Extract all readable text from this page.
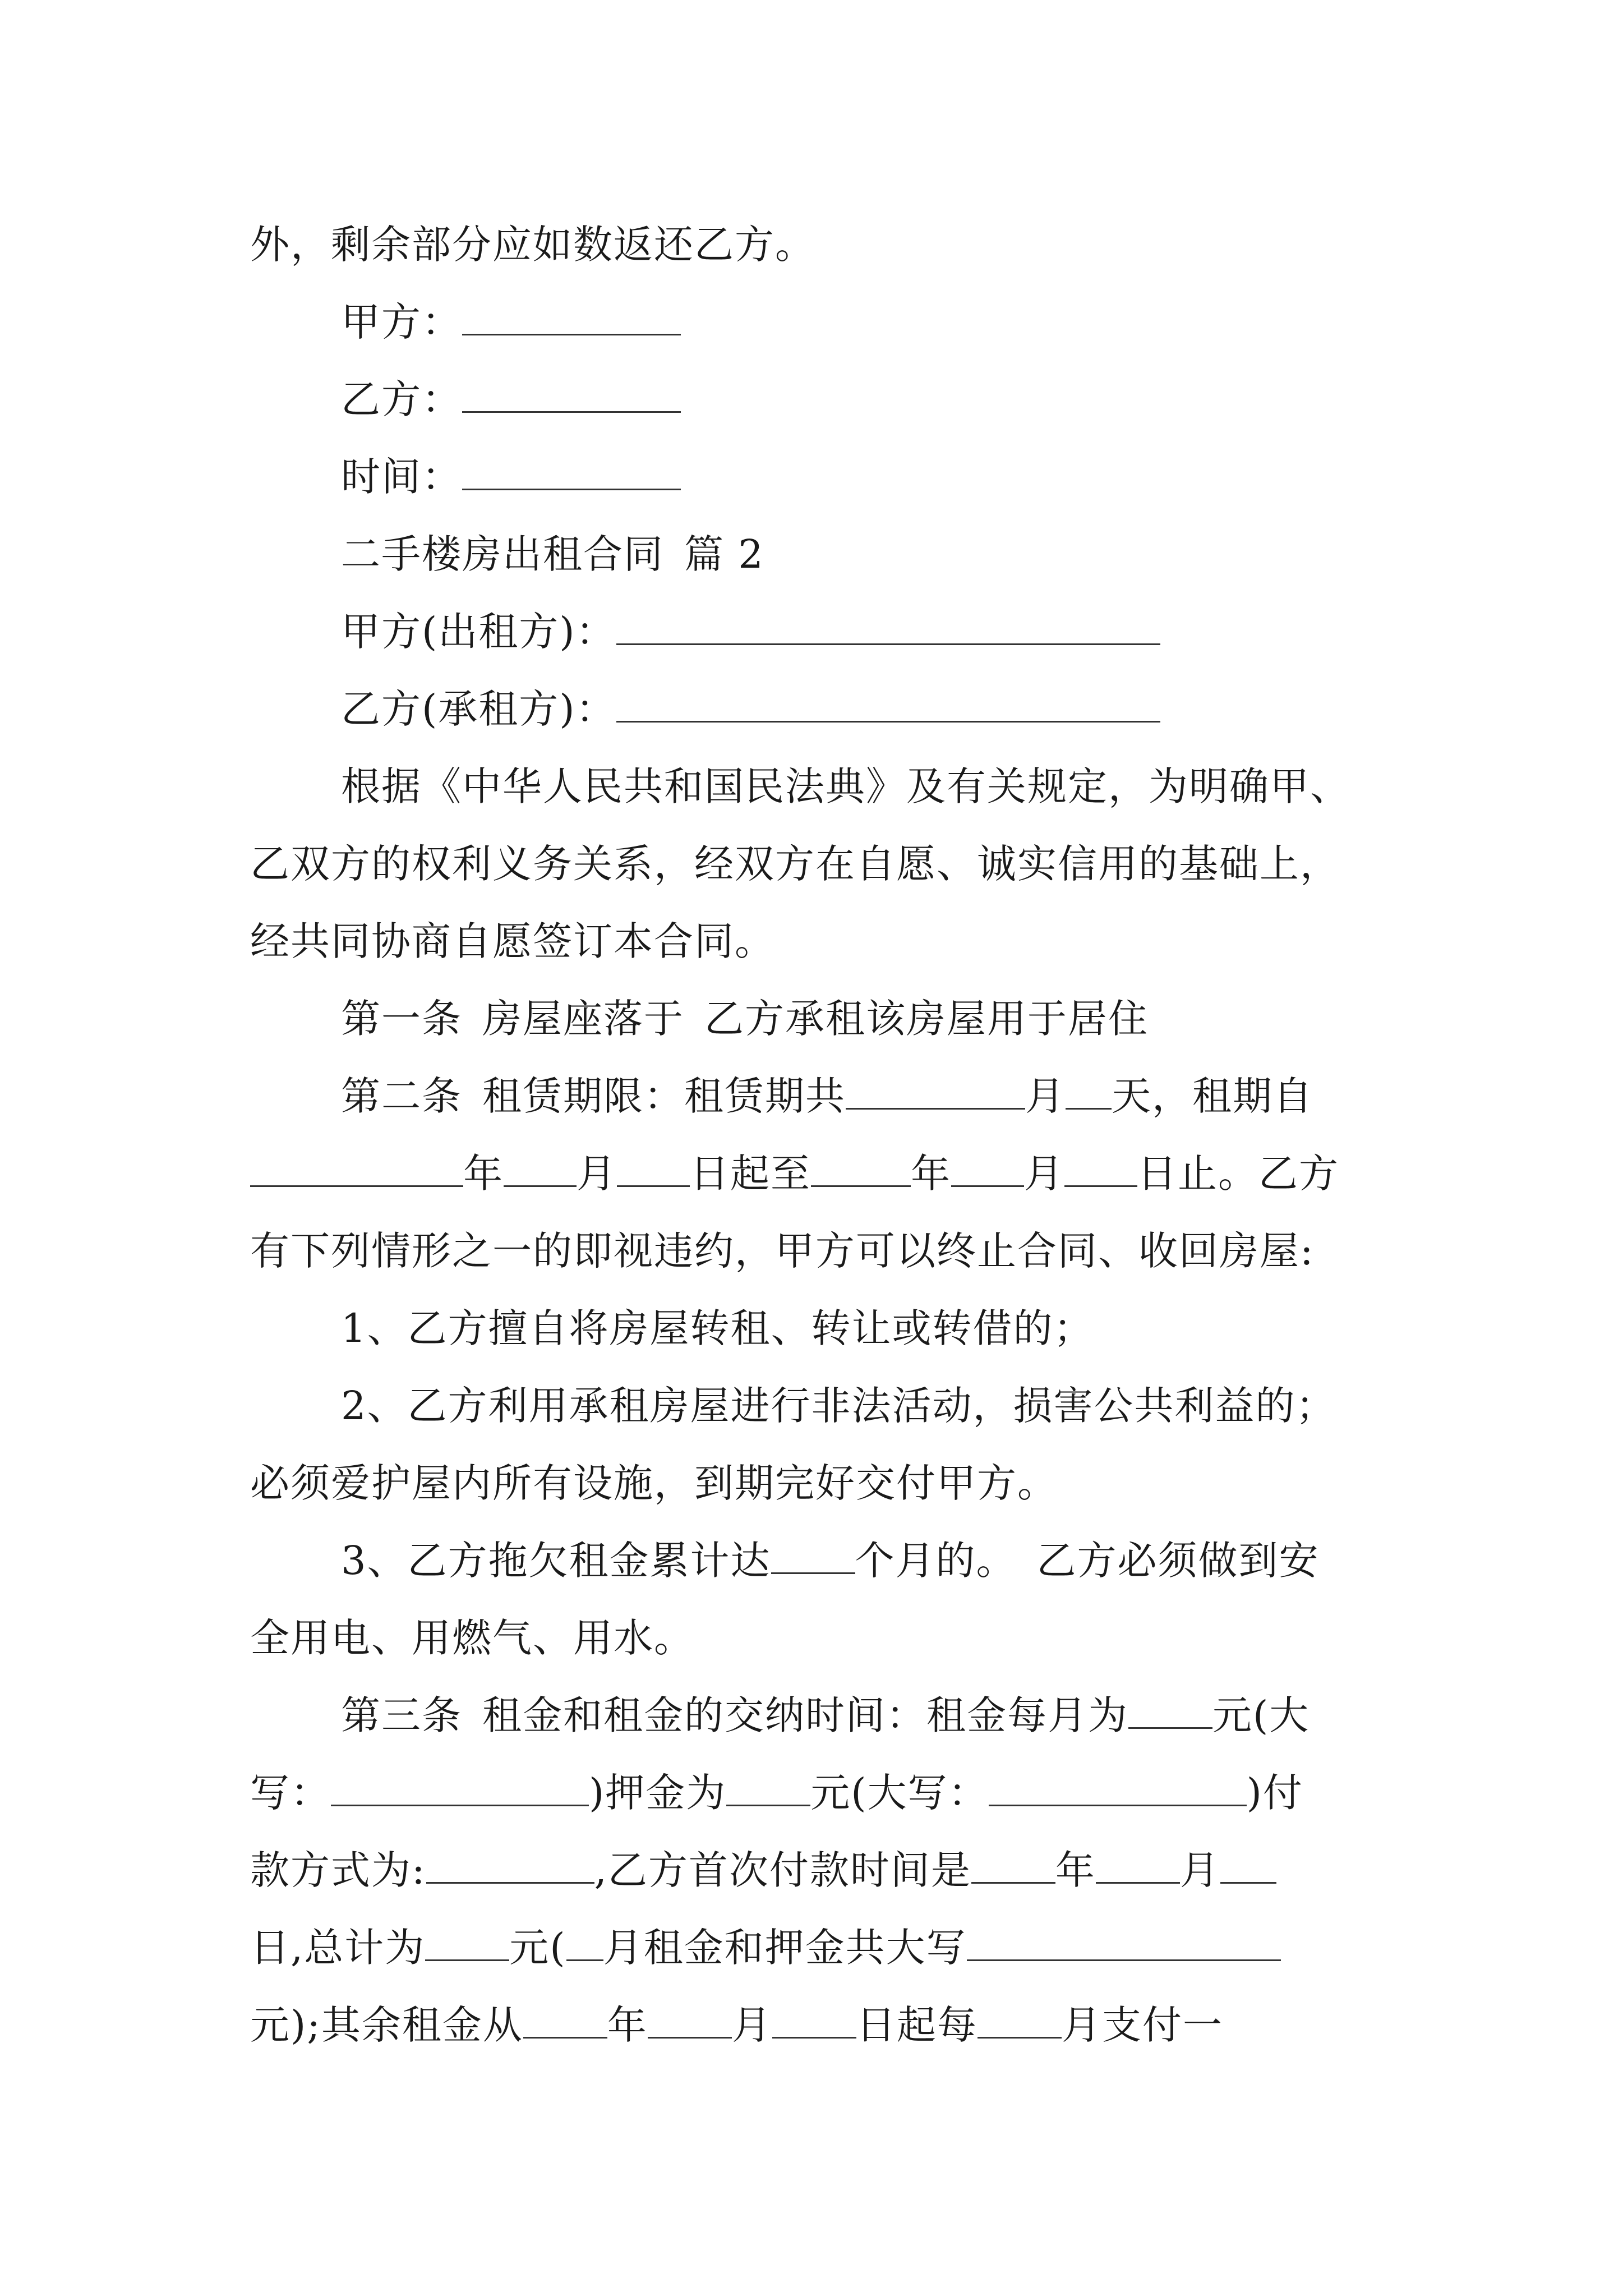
外，剩余部分应如数返还乙方。
甲方：
乙方：
时间：
二手楼房出租合同 篇 2
甲方(出租方)：
乙方(承租方)：
根据《中华人民共和国民法典》及有关规定，为明确甲、
乙双方的权利义务关系，经双方在自愿、诚实信用的基础上，
经共同协商自愿签订本合同。
第一条 房屋座落于 乙方承租该房屋用于居住
第二条 租赁期限：租赁期共	月 天，租期自
年 月 日起至	年 月 日止。乙方
有下列情形之一的即视违约，甲方可以终止合同、收回房屋:
1、乙方擅自将房屋转租、转让或转借的；
2、乙方利用承租房屋进行非法活动，损害公共利益的；
必须爱护屋内所有设施，到期完好交付甲方。
3、乙方拖欠租金累计达 个月的。 乙方必须做到安
全用电、用燃气、用水。
第三条 租金和租金的交纳时间：租金每月为 元(大
写：	)押金为 元(大写：	)付
款方式为:	,乙方首次付款时间是 年 月
日,总计为 元( 月租金和押金共大写
元);其余租金从 年 月 日起每 月支付一
